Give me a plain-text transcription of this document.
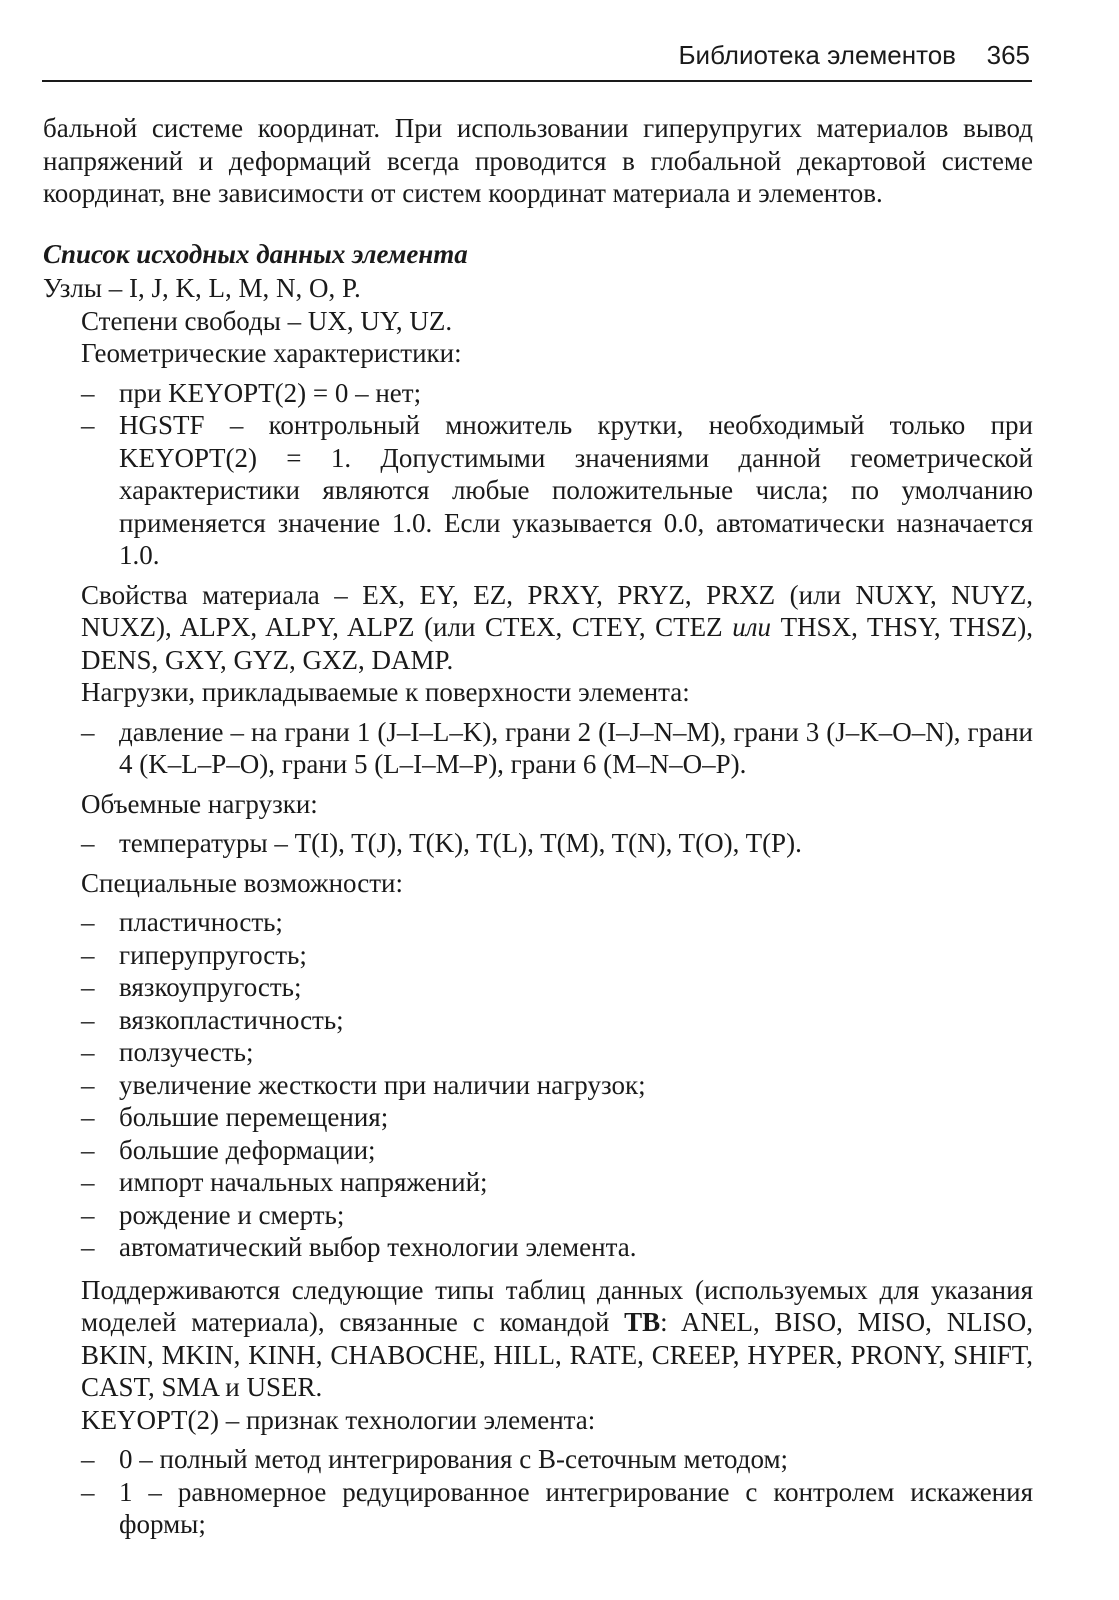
Библиотека элементов 365

бальной системе координат. При использовании гиперупругих материалов вывод напряжений и деформаций всегда проводится в глобальной декартовой системе координат, вне зависимости от систем координат материала и элементов.

Список исходных данных элемента

Узлы – I, J, K, L, M, N, O, P.

Степени свободы – UX, UY, UZ.

Геометрические характеристики:

– при KEYOPT(2) = 0 – нет;
– HGSTF – контрольный множитель крутки, необходимый только при KEYOPT(2) = 1. Допустимыми значениями данной геометрической характеристики являются любые положительные числа; по умолчанию применяется значение 1.0. Если указывается 0.0, автоматически назначается 1.0.

Свойства материала – EX, EY, EZ, PRXY, PRYZ, PRXZ (или NUXY, NUYZ, NUXZ), ALPX, ALPY, ALPZ (или CTEX, CTEY, CTEZ или THSX, THSY, THSZ), DENS, GXY, GYZ, GXZ, DAMP.

Нагрузки, прикладываемые к поверхности элемента:

– давление – на грани 1 (J–I–L–K), грани 2 (I–J–N–M), грани 3 (J–K–O–N), грани 4 (K–L–P–O), грани 5 (L–I–M–P), грани 6 (M–N–O–P).

Объемные нагрузки:

– температуры – T(I), T(J), T(K), T(L), T(M), T(N), T(O), T(P).

Специальные возможности:

– пластичность;
– гиперупругость;
– вязкоупругость;
– вязкопластичность;
– ползучесть;
– увеличение жесткости при наличии нагрузок;
– большие перемещения;
– большие деформации;
– импорт начальных напряжений;
– рождение и смерть;
– автоматический выбор технологии элемента.

Поддерживаются следующие типы таблиц данных (используемых для указания моделей материала), связанные с командой TB: ANEL, BISO, MISO, NLISO, BKIN, MKIN, KINH, CHABOCHE, HILL, RATE, CREEP, HYPER, PRONY, SHIFT, CAST, SMA и USER.

KEYOPT(2) – признак технологии элемента:

– 0 – полный метод интегрирования с B-сеточным методом;
– 1 – равномерное редуцированное интегрирование с контролем искажения формы;
